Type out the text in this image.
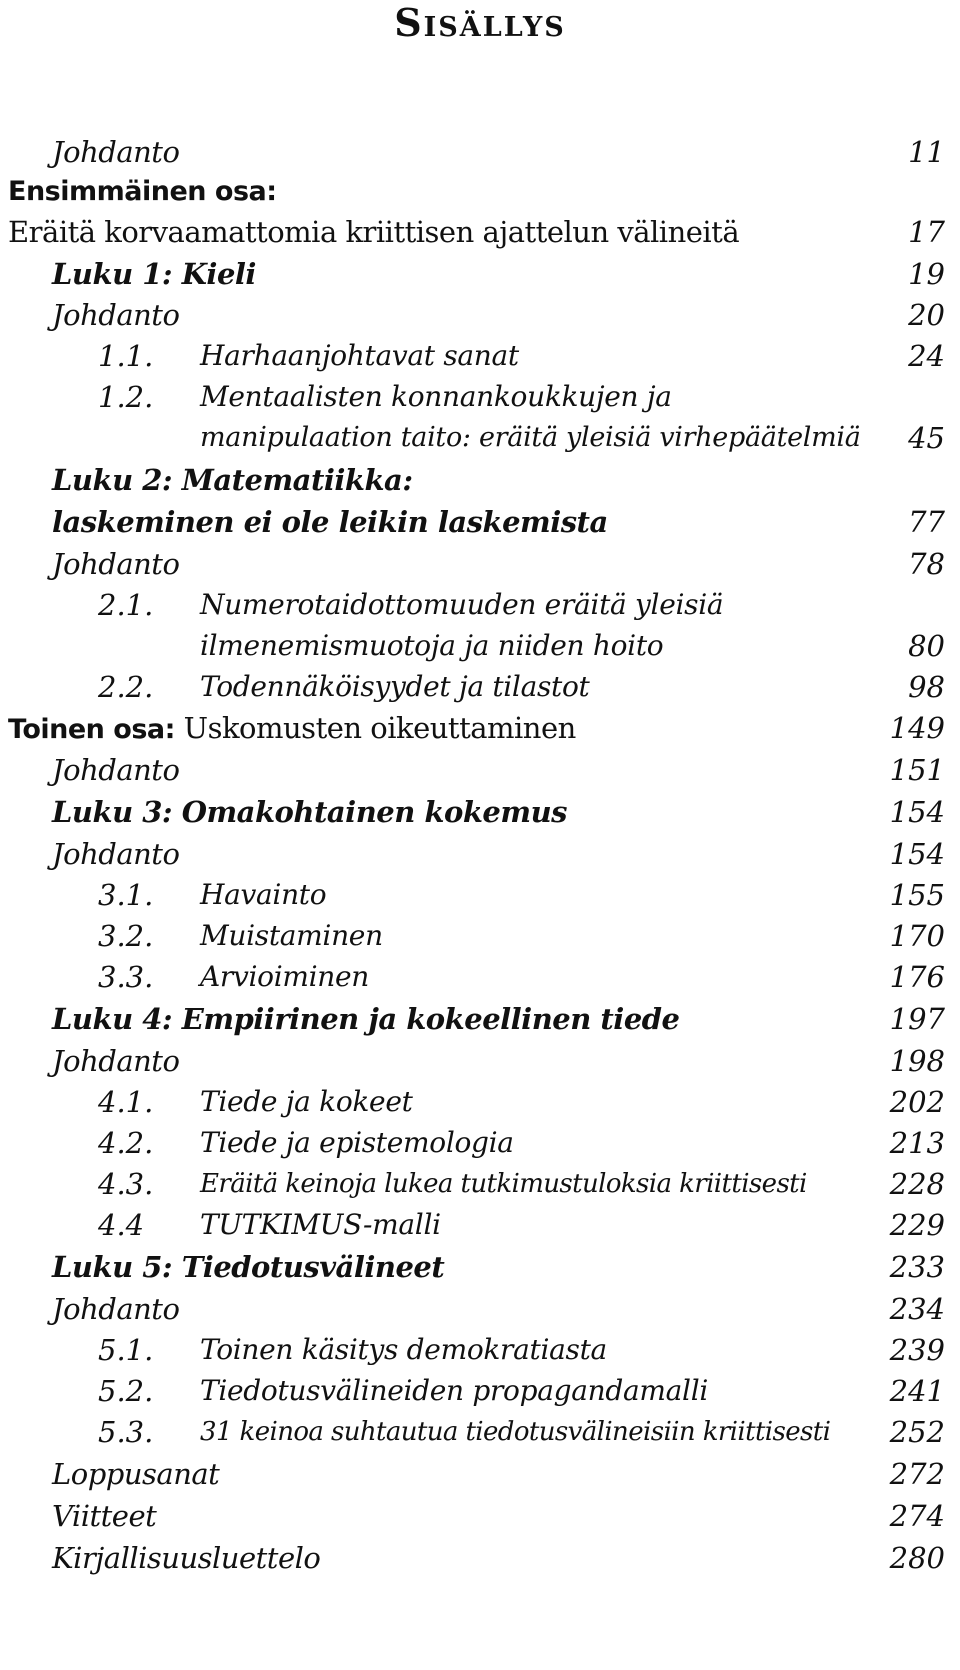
Sisällys
Johdanto	11
Ensimmäinen osa:
Eräitä korvaamattomia kriittisen ajattelun välineitä	17
Luku 1: Kieli	19
Johdanto	20
1.1. Harhaanjohtavat sanat	24
1.2. Mentaalisten konnankoukkujen ja
manipulaation taito: eräitä yleisiä virhepäätelmiä 45
Luku 2: Matematiikka:
laskeminen ei ole leikin laskemista	77
Johdanto	78
2.1. Numerotaidottomuuden eräitä yleisiä
ilmenemismuotoja ja niiden hoito	80
2.2. Todennäköisyydet ja tilastot	98
Toinen osa: Uskomusten oikeuttaminen	149
Johdanto	151
Luku 3: Omakohtainen kokemus	154
Johdanto	154
3.1. Havainto	155
3.2. Muistaminen	170
3.3. Arvioiminen	176
Luku 4: Empiirinen ja kokeellinen tiede	197
Johdanto	198
4.1. Tiede ja kokeet	202
4.2. Tiede ja epistemologia	213
4.3. Eräitä keinoja lukea tutkimustuloksia kriittisesti	228
4.4 TUTKIMUS-malli	229
Luku 5: Tiedotusvälineet	233
Johdanto	234
5.1. Toinen käsitys demokratiasta	239
5.2. Tiedotusvälineiden propagandamalli	241
5.3. 31 keinoa suhtautua tiedotusvälineisiin kriittisesti 252
Loppusanat	272
Viitteet	274
Kirjallisuusluettelo	280
